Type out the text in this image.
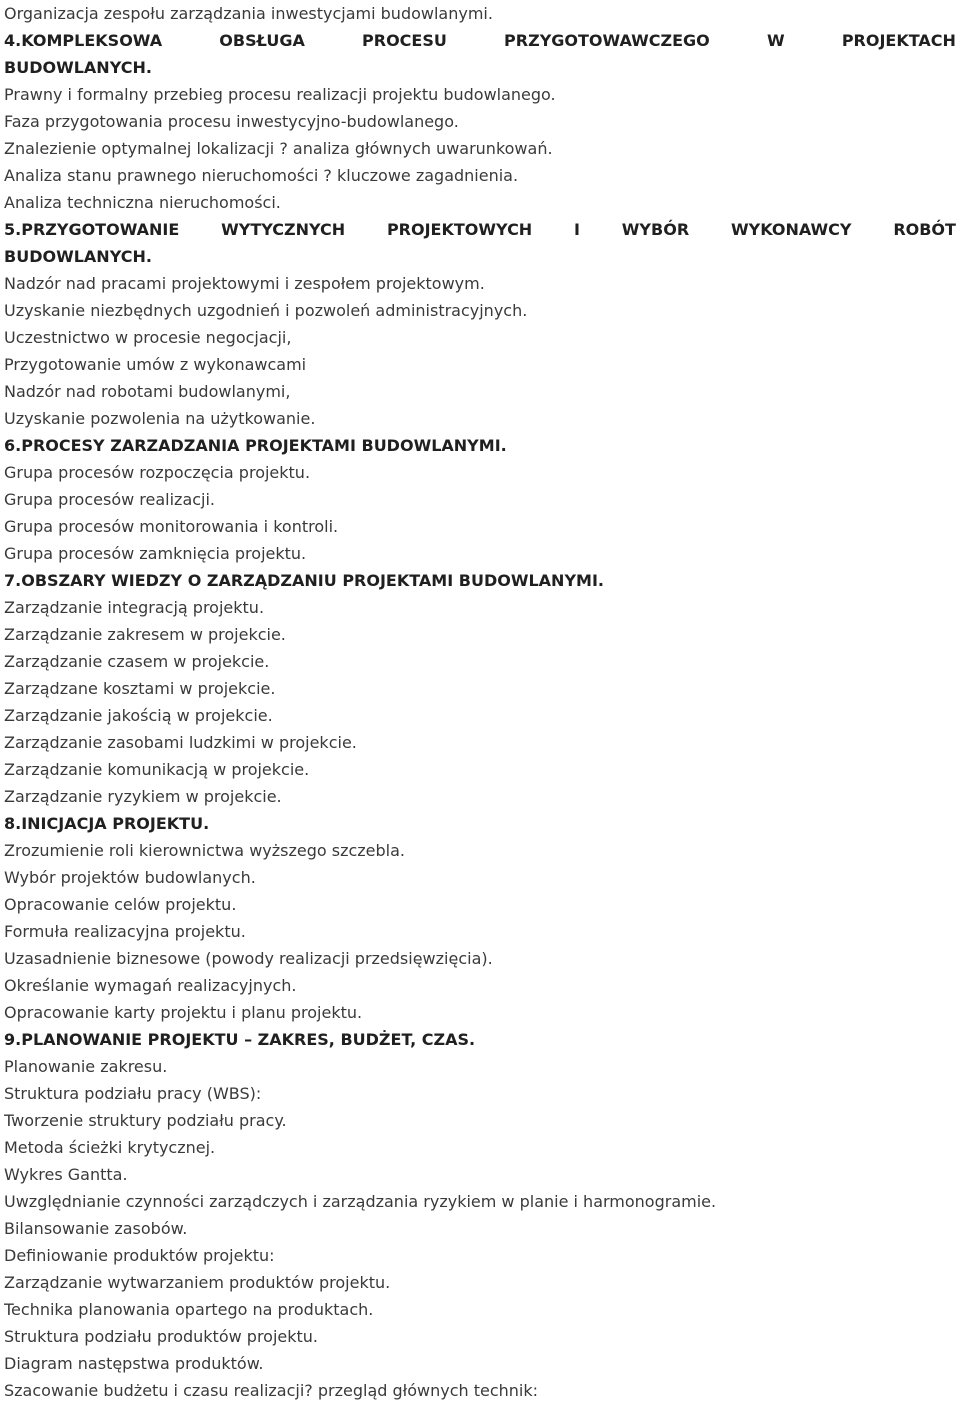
Organizacja zespołu zarządzania inwestycjami budowlanymi.
4.KOMPLEKSOWA	OBSŁUGA	PROCESU	PRZYGOTOWAWCZEGO	W	PROJEKTACH
BUDOWLANYCH.
Prawny i formalny przebieg procesu realizacji projektu budowlanego.
Faza przygotowania procesu inwestycyjno-budowlanego.
Znalezienie optymalnej lokalizacji ? analiza głównych uwarunkowań.
Analiza stanu prawnego nieruchomości ? kluczowe zagadnienia.
Analiza techniczna nieruchomości.
5.PRZYGOTOWANIE	WYTYCZNYCH	PROJEKTOWYCH	I	WYBÓR	WYKONAWCY	ROBÓT
BUDOWLANYCH.
Nadzór nad pracami projektowymi i zespołem projektowym.
Uzyskanie niezbędnych uzgodnień i pozwoleń administracyjnych.
Uczestnictwo w procesie negocjacji,
Przygotowanie umów z wykonawcami
Nadzór nad robotami budowlanymi,
Uzyskanie pozwolenia na użytkowanie.
6.PROCESY ZARZADZANIA PROJEKTAMI BUDOWLANYMI.
Grupa procesów rozpoczęcia projektu.
Grupa procesów realizacji.
Grupa procesów monitorowania i kontroli.
Grupa procesów zamknięcia projektu.
7.OBSZARY WIEDZY O ZARZĄDZANIU PROJEKTAMI BUDOWLANYMI.
Zarządzanie integracją projektu.
Zarządzanie zakresem w projekcie.
Zarządzanie czasem w projekcie.
Zarządzane kosztami w projekcie.
Zarządzanie jakością w projekcie.
Zarządzanie zasobami ludzkimi w projekcie.
Zarządzanie komunikacją w projekcie.
Zarządzanie ryzykiem w projekcie.
8.INICJACJA PROJEKTU.
Zrozumienie roli kierownictwa wyższego szczebla.
Wybór projektów budowlanych.
Opracowanie celów projektu.
Formuła realizacyjna projektu.
Uzasadnienie biznesowe (powody realizacji przedsięwzięcia).
Określanie wymagań realizacyjnych.
Opracowanie karty projektu i planu projektu.
9.PLANOWANIE PROJEKTU – ZAKRES, BUDŻET, CZAS.
Planowanie zakresu.
Struktura podziału pracy (WBS):
Tworzenie struktury podziału pracy.
Metoda ścieżki krytycznej.
Wykres Gantta.
Uwzględnianie czynności zarządczych i zarządzania ryzykiem w planie i harmonogramie.
Bilansowanie zasobów.
Definiowanie produktów projektu:
Zarządzanie wytwarzaniem produktów projektu.
Technika planowania opartego na produktach.
Struktura podziału produktów projektu.
Diagram następstwa produktów.
Szacowanie budżetu i czasu realizacji? przegląd głównych technik:
